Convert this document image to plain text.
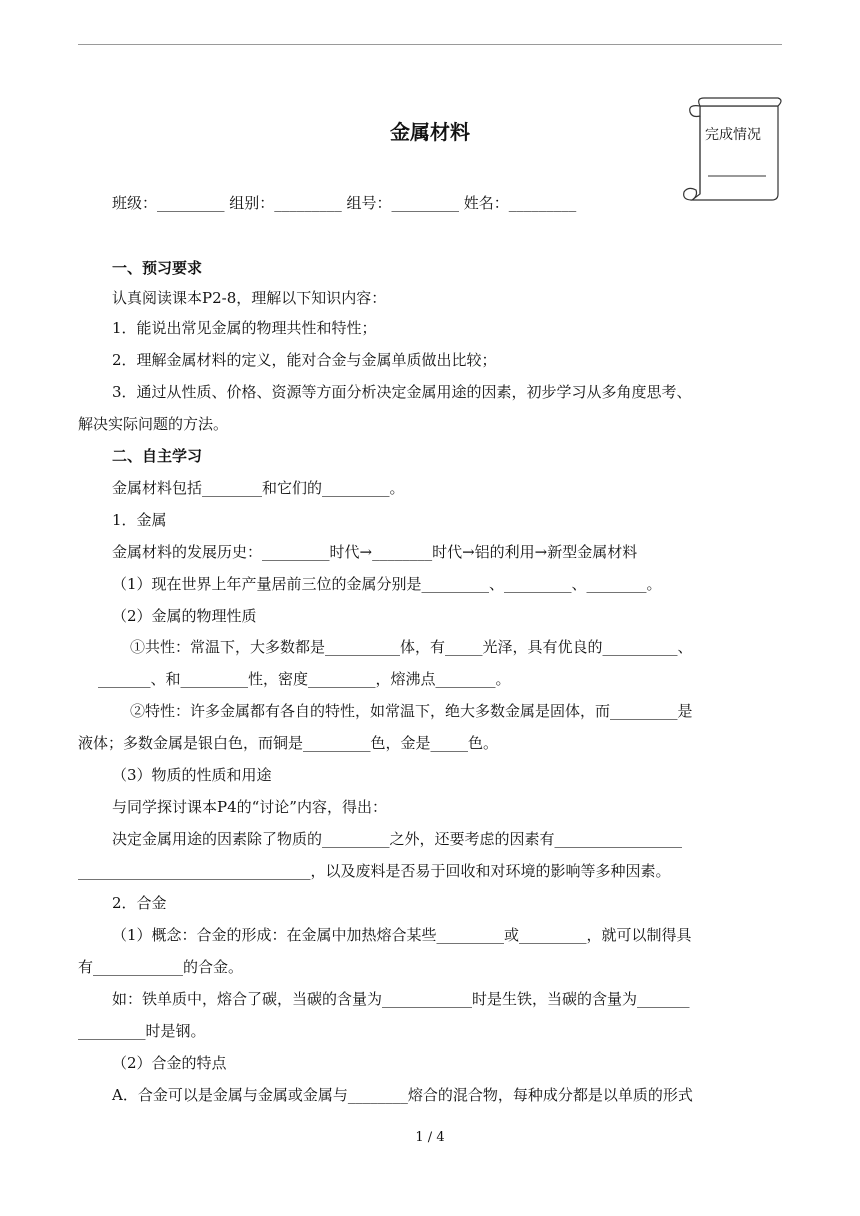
金属材料	完成情况
班级：_________ 组别：_________ 组号：_________ 姓名：_________
一、预习要求
认真阅读课本P2-8，理解以下知识内容：
1．能说出常见金属的物理共性和特性；
2．理解金属材料的定义，能对合金与金属单质做出比较；
3．通过从性质、价格、资源等方面分析决定金属用途的因素，初步学习从多角度思考、
解决实际问题的方法。
二、自主学习
金属材料包括________和它们的_________。
1．金属
金属材料的发展历史：_________时代→________时代→铝的利用→新型金属材料
（1）现在世界上年产量居前三位的金属分别是_________、_________、________。
（2）金属的物理性质
①共性：常温下，大多数都是__________体，有_____光泽，具有优良的__________、
_______、和_________性，密度_________，熔沸点________。
②特性：许多金属都有各自的特性，如常温下，绝大多数金属是固体，而_________是
液体；多数金属是银白色，而铜是_________色，金是_____色。
（3）物质的性质和用途
与同学探讨课本P4的“讨论”内容，得出：
决定金属用途的因素除了物质的_________之外，还要考虑的因素有_________________
_______________________________，以及废料是否易于回收和对环境的影响等多种因素。
2．合金
（1）概念：合金的形成：在金属中加热熔合某些_________或_________，就可以制得具
有____________的合金。
如：铁单质中，熔合了碳，当碳的含量为____________时是生铁，当碳的含量为_______
_________时是钢。
（2）合金的特点
A．合金可以是金属与金属或金属与________熔合的混合物，每种成分都是以单质的形式
1 / 4
